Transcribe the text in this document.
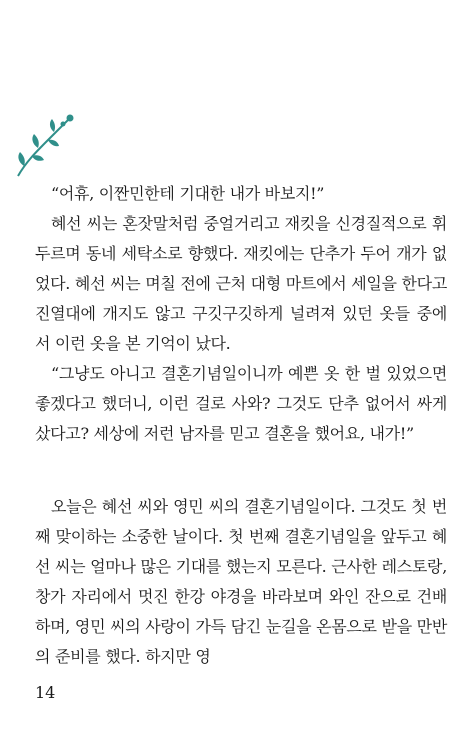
“어휴, 이짠민한테 기대한 내가 바보지!”

혜선 씨는 혼잣말처럼 중얼거리고 재킷을 신경질적으로 휘두르며 동네 세탁소로 향했다. 재킷에는 단추가 두어 개가 없었다. 혜선 씨는 며칠 전에 근처 대형 마트에서 세일을 한다고 진열대에 개지도 않고 구깃구깃하게 널려져 있던 옷들 중에서 이런 옷을 본 기억이 났다.

“그냥도 아니고 결혼기념일이니까 예쁜 옷 한 벌 있었으면 좋겠다고 했더니, 이런 걸로 사와? 그것도 단추 없어서 싸게 샀다고? 세상에 저런 남자를 믿고 결혼을 했어요, 내가!”

오늘은 혜선 씨와 영민 씨의 결혼기념일이다. 그것도 첫 번째 맞이하는 소중한 날이다. 첫 번째 결혼기념일을 앞두고 혜선 씨는 얼마나 많은 기대를 했는지 모른다. 근사한 레스토랑, 창가 자리에서 멋진 한강 야경을 바라보며 와인 잔으로 건배하며, 영민 씨의 사랑이 가득 담긴 눈길을 온몸으로 받을 만반의 준비를 했다. 하지만 영

14
